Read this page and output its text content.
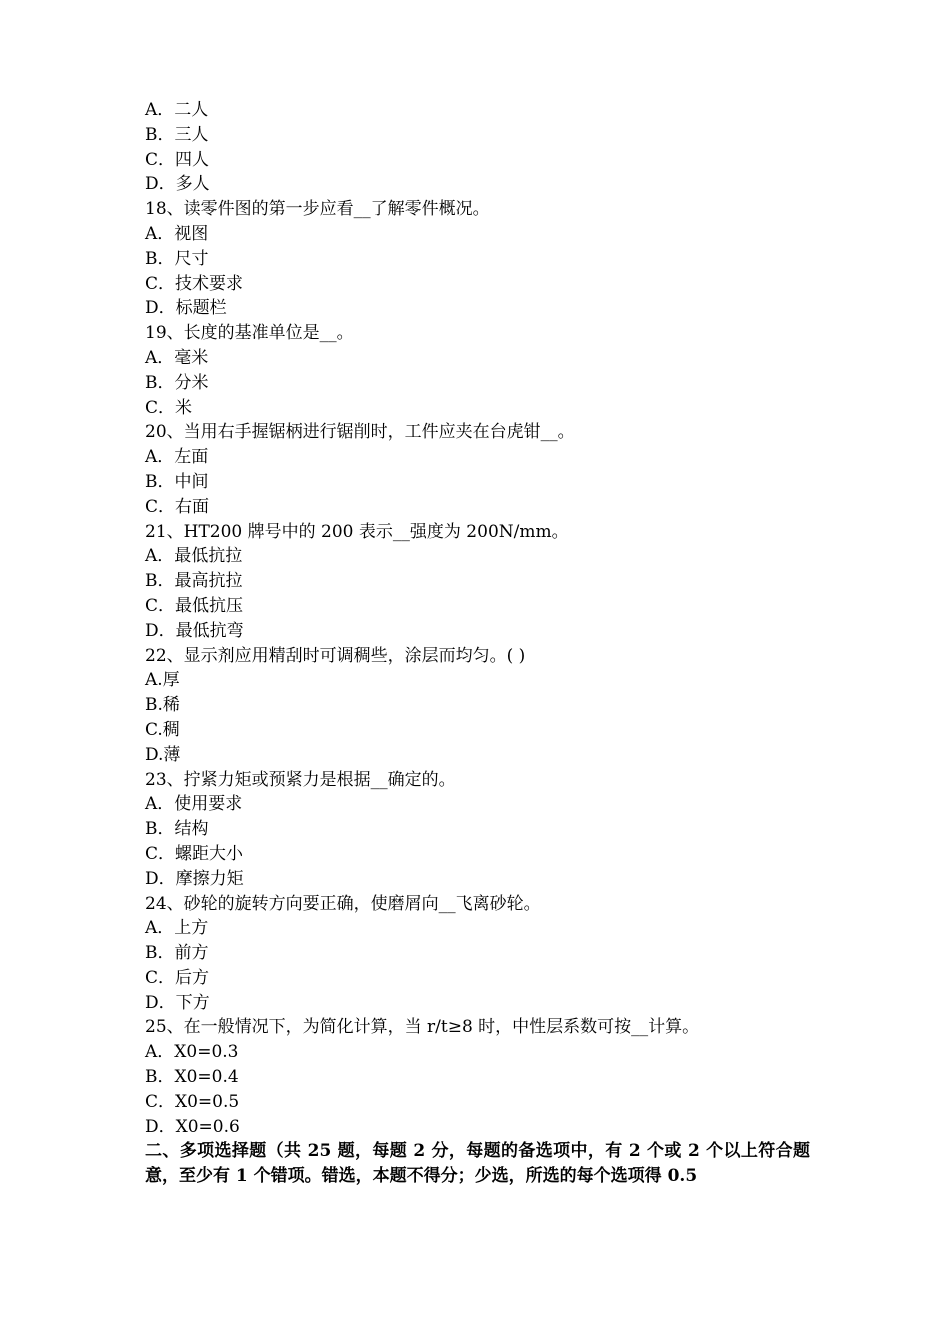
A．二人
B．三人
C．四人
D．多人
18、读零件图的第一步应看__了解零件概况。
A．视图
B．尺寸
C．技术要求
D．标题栏
19、长度的基准单位是__。
A．毫米
B．分米
C．米
20、当用右手握锯柄进行锯削时，工件应夹在台虎钳__。
A．左面
B．中间
C．右面
21、HT200 牌号中的 200 表示__强度为 200N/mm。
A．最低抗拉
B．最高抗拉
C．最低抗压
D．最低抗弯
22、显示剂应用精刮时可调稠些，涂层而均匀。( )
A.厚
B.稀
C.稠
D.薄
23、拧紧力矩或预紧力是根据__确定的。
A．使用要求
B．结构
C．螺距大小
D．摩擦力矩
24、砂轮的旋转方向要正确，使磨屑向__飞离砂轮。
A．上方
B．前方
C．后方
D．下方
25、在一般情况下，为简化计算，当 r/t≥8 时，中性层系数可按__计算。
A．X0=0.3
B．X0=0.4
C．X0=0.5
D．X0=0.6
二、多项选择题（共 25 题，每题 2 分，每题的备选项中，有 2 个或 2 个以上符合题意，至少有 1 个错项。错选，本题不得分；少选，所选的每个选项得 0.5
